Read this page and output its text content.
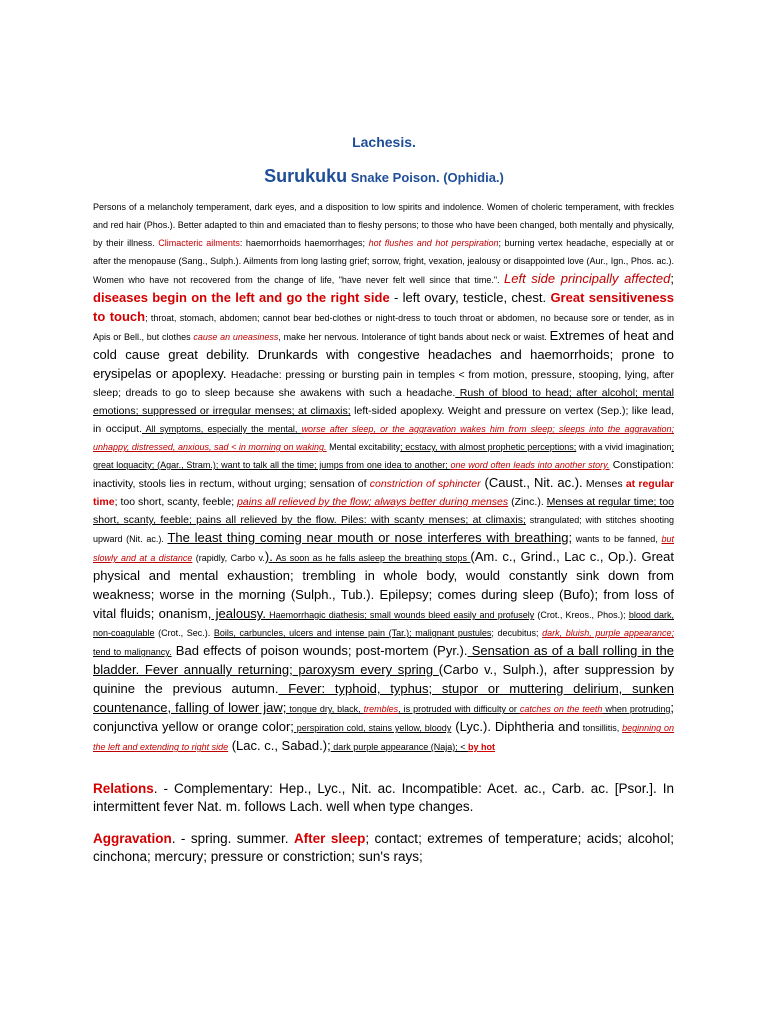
Lachesis.
Surukuku Snake Poison. (Ophidia.)
Persons of a melancholy temperament, dark eyes, and a disposition to low spirits and indolence. Women of choleric temperament, with freckles and red hair (Phos.). Better adapted to thin and emaciated than to fleshy persons; to those who have been changed, both mentally and physically, by their illness. Climacteric ailments: haemorrhoids haemorrhages; hot flushes and hot perspiration; burning vertex headache, especially at or after the menopause (Sang., Sulph.). Ailments from long lasting grief; sorrow, fright, vexation, jealousy or disappointed love (Aur., Ign., Phos. ac.). Women who have not recovered from the change of life, "have never felt well since that time.". Left side principally affected; diseases begin on the left and go the right side - left ovary, testicle, chest. Great sensitiveness to touch; throat, stomach, abdomen; cannot bear bed-clothes or night-dress to touch throat or abdomen, no because sore or tender, as in Apis or Bell., but clothes cause an uneasiness, make her nervous. Intolerance of tight bands about neck or waist. Extremes of heat and cold cause great debility. Drunkards with congestive headaches and haemorrhoids; prone to erysipelas or apoplexy. Headache: pressing or bursting pain in temples < from motion, pressure, stooping, lying, after sleep; dreads to go to sleep because she awakens with such a headache. Rush of blood to head; after alcohol; mental emotions; suppressed or irregular menses; at climaxis; left-sided apoplexy. Weight and pressure on vertex (Sep.); like lead, in occiput. All symptoms, especially the mental, worse after sleep, or the aggravation wakes him from sleep; sleeps into the aggravation; unhappy, distressed, anxious, sad < in morning on waking. Mental excitability; ecstacy, with almost prophetic perceptions; with a vivid imagination; great loquacity; (Agar., Stram.); want to talk all the time; jumps from one idea to another; one word often leads into another story. Constipation: inactivity, stools lies in rectum, without urging; sensation of constriction of sphincter (Caust., Nit. ac.). Menses at regular time; too short, scanty, feeble; pains all relieved by the flow; always better during menses (Zinc.). Menses at regular time; too short, scanty, feeble; pains all relieved by the flow. Piles: with scanty menses; at climaxis; strangulated; with stitches shooting upward (Nit. ac.). The least thing coming near mouth or nose interferes with breathing; wants to be fanned, but slowly and at a distance (rapidly, Carbo v.). As soon as he falls asleep the breathing stops (Am. c., Grind., Lac c., Op.). Great physical and mental exhaustion; trembling in whole body, would constantly sink down from weakness; worse in the morning (Sulph., Tub.). Epilepsy; comes during sleep (Bufo); from loss of vital fluids; onanism, jealousy. Haemorrhagic diathesis; small wounds bleed easily and profusely (Crot., Kreos., Phos.); blood dark, non-coagulable (Crot., Sec.). Boils, carbuncles, ulcers and intense pain (Tar.); malignant pustules; decubitus; dark, bluish, purple appearance; tend to malignancy. Bad effects of poison wounds; post-mortem (Pyr.). Sensation as of a ball rolling in the bladder. Fever annually returning; paroxysm every spring (Carbo v., Sulph.), after suppression by quinine the previous autumn. Fever: typhoid, typhus; stupor or muttering delirium, sunken countenance, falling of lower jaw; tongue dry, black, trembles, is protruded with difficulty or catches on the teeth when protruding; conjunctiva yellow or orange color; perspiration cold, stains yellow, bloody (Lyc.). Diphtheria and tonsillitis, beginning on the left and extending to right side (Lac. c., Sabad.); dark purple appearance (Naja); < by hot
Relations. - Complementary: Hep., Lyc., Nit. ac. Incompatible: Acet. ac., Carb. ac. [Psor.]. In intermittent fever Nat. m. follows Lach. well when type changes.
Aggravation. - spring. summer. After sleep; contact; extremes of temperature; acids; alcohol; cinchona; mercury; pressure or constriction; sun's rays;
